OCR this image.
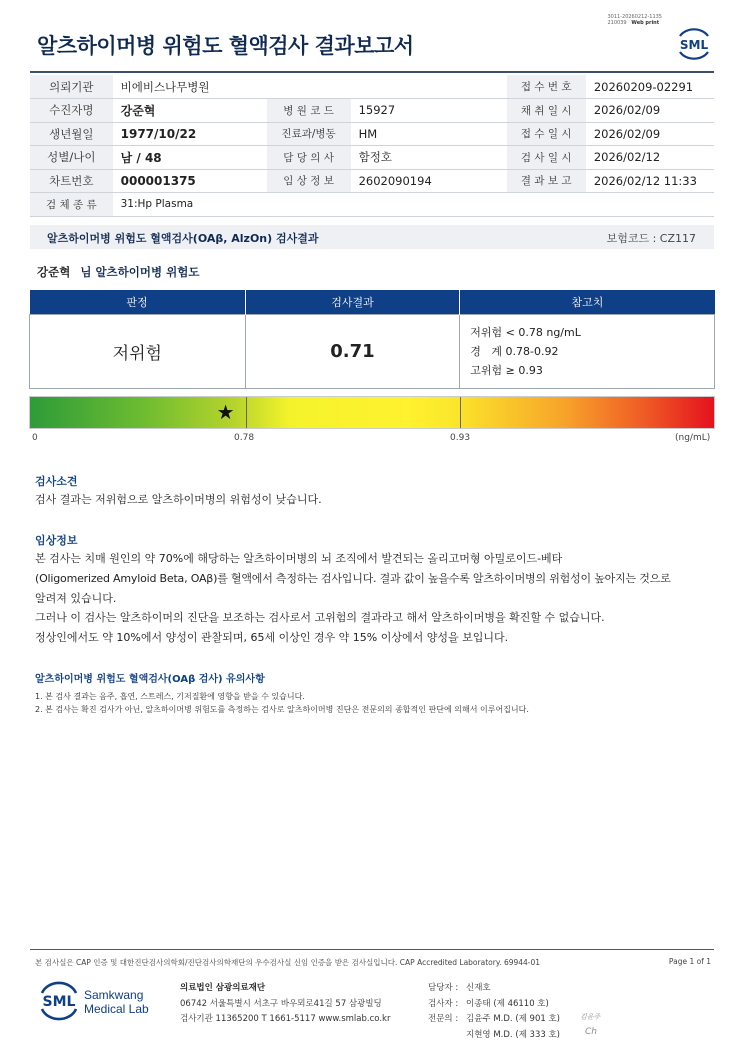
3011-20260212-1135
210039 Web print
알츠하이머병 위험도 혈액검사 결과보고서	SML
의뢰기관	비에비스나무병원			접 수 번 호	20260209-02291
수진자명	강준혁	병 원 코 드	15927	채 취 일 시	2026/02/09
생년월일	1977/10/22	진료과/병동	HM	접 수 일 시	2026/02/09
성별/나이	남 / 48	담 당 의 사	함정호	검 사 일 시	2026/02/12
차트번호	000001375	임 상 정 보	2602090194	결 과 보 고	2026/02/12 11:33
검 체 종 류	31:Hp Plasma				
알츠하이머병 위험도 혈액검사(OAβ, AlzOn) 검사결과	보험코드 : CZ117
강준혁 님 알츠하이머병 위험도
판정	검사결과	참고치
저위험	0.71	저위험 < 0.78 ng/mL
경   계 0.78-0.92
고위험 ≥ 0.93
★
0	0.78	0.93	(ng/mL)
검사소견
검사 결과는 저위험으로 알츠하이머병의 위험성이 낮습니다.
임상정보
본 검사는 치매 원인의 약 70%에 해당하는 알츠하이머병의 뇌 조직에서 발견되는 올리고머형 아밀로이드-베타
(Oligomerized Amyloid Beta, OAβ)를 혈액에서 측정하는 검사입니다. 결과 값이 높을수록 알츠하이머병의 위험성이 높아지는 것으로
알려져 있습니다.
그러나 이 검사는 알츠하이머의 진단을 보조하는 검사로서 고위험의 결과라고 해서 알츠하이머병을 확진할 수 없습니다.
정상인에서도 약 10%에서 양성이 관찰되며, 65세 이상인 경우 약 15% 이상에서 양성을 보입니다.
알츠하이머병 위험도 혈액검사(OAβ 검사) 유의사항
1. 본 검사 결과는 음주, 흡연, 스트레스, 기저질환에 영향을 받을 수 있습니다.
2. 본 검사는 확진 검사가 아닌, 알츠하이머병 위험도를 측정하는 검사로 알츠하이머병 진단은 전문의의 종합적인 판단에 의해서 이루어집니다.
본 검사실은 CAP 인증 및 대한진단검사의학회/진단검사의학재단의 우수검사실 신임 인증을 받은 검사실입니다. CAP Accredited Laboratory. 69944-01	Page 1 of 1
SML Samkwang
Medical Lab
의료법인 삼광의료재단
06742 서울특별시 서초구 바우뫼로41길 57 삼광빌딩
검사기관 11365200 T 1661-5117 www.smlab.co.kr
담당자 : 신재호
검사자 : 이종태 (제 46110 호)
전문의 : 김윤주 M.D. (제 901 호)
지현영 M.D. (제 333 호)
김윤주
Ch
